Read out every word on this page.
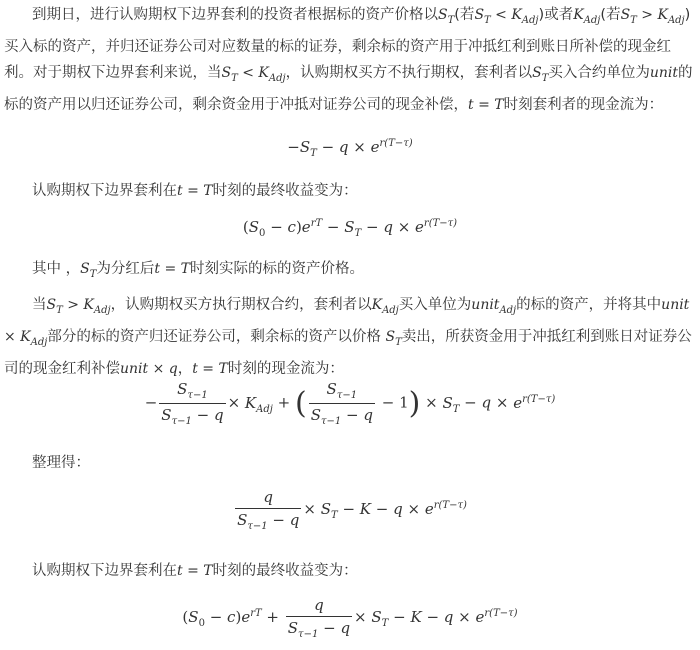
到期日，进行认购期权下边界套利的投资者根据标的资产价格以$S_T$(若$S_T < K_{Adj}$)或者$K_{Adj}$(若$S_T > K_{Adj}$)买入标的资产，并归还证券公司对应数量的标的证券，剩余标的资产用于冲抵红利到账日所补偿的现金红利。对于期权下边界套利来说，当$S_T < K_{Adj}$，认购期权买方不执行期权，套利者以$S_T$买入合约单位为unit的标的资产用以归还证券公司，剩余资金用于冲抵对证券公司的现金补偿，t = T时刻套利者的现金流为：

$-S_T - q \times e^{r(T-\tau)}$

认购期权下边界套利在t = T时刻的最终收益变为：

$(S_0 - c)e^{rT} - S_T - q \times e^{r(T-\tau)}$

其中 ，$S_T$为分红后t = T时刻实际的标的资产价格。

当$S_T > K_{Adj}$，认购期权买方执行期权合约，套利者以$K_{Adj}$买入单位为unit$_{Adj}$的标的资产，并将其中unit × $K_{Adj}$部分的标的资产归还证券公司，剩余标的资产以价格 $S_T$卖出，所获资金用于冲抵红利到账日对证券公司的现金红利补偿unit × q，t = T时刻的现金流为：

− $\frac{S_{\tau-1}}{S_{\tau-1} - q} \times K_{Adj}$ + ( $\frac{S_{\tau-1}}{S_{\tau-1} - q} - 1) \times S_T - q \times e^{r(T-\tau)}$

整理得：

$\frac{q}{S_{\tau-1} - q} \times S_T - K - q \times e^{r(T-\tau)}$

认购期权下边界套利在t = T时刻的最终收益变为：

$(S_0 - c)e^{rT} + \frac{q}{S_{\tau-1} - q} \times S_T - K - q \times e^{r(T-\tau)}$
